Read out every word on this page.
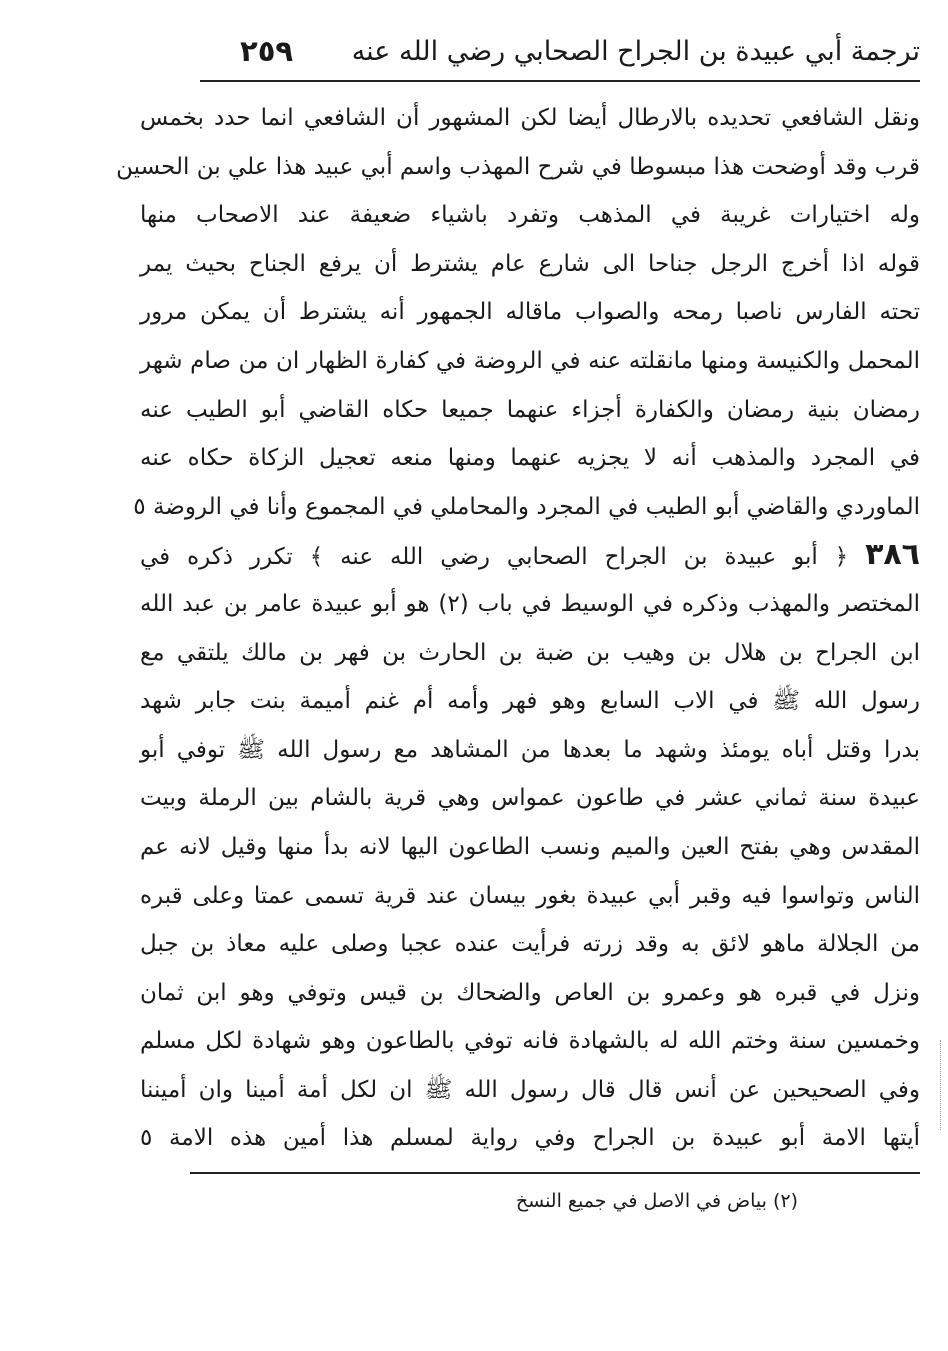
ترجمة أبي عبيدة بن الجراح الصحابي رضي الله عنه
٢٥٩
ونقل الشافعي تحديده بالارطال أيضا لكن المشهور أن الشافعي انما حدد بخمس
قرب وقد أوضحت هذا مبسوطا في شرح المهذب واسم أبي عبيد هذا علي بن الحسين
وله اختيارات غريبة في المذهب وتفرد باشياء ضعيفة عند الاصحاب منها
قوله اذا أخرج الرجل جناحا الى شارع عام يشترط أن يرفع الجناح بحيث يمر
تحته الفارس ناصبا رمحه والصواب ماقاله الجمهور أنه يشترط أن يمكن مرور
المحمل والكنيسة ومنها مانقلته عنه في الروضة في كفارة الظهار ان من صام شهر
رمضان بنية رمضان والكفارة أجزاء عنهما جميعا حكاه القاضي أبو الطيب عنه
في المجرد والمذهب أنه لا يجزيه عنهما ومنها منعه تعجيل الزكاة حكاه عنه
الماوردي والقاضي أبو الطيب في المجرد والمحاملي في المجموع وأنا في الروضة ٥
٣٨٦ ﴿ أبو عبيدة بن الجراح الصحابي رضي الله عنه ﴾ تكرر ذكره في
المختصر والمهذب وذكره في الوسيط في باب (٢) هو أبو عبيدة عامر بن عبد الله
ابن الجراح بن هلال بن وهيب بن ضبة بن الحارث بن فهر بن مالك يلتقي مع
رسول الله ﷺ في الاب السابع وهو فهر وأمه أم غنم أميمة بنت جابر شهد
بدرا وقتل أباه يومئذ وشهد ما بعدها من المشاهد مع رسول الله ﷺ توفي أبو
عبيدة سنة ثماني عشر في طاعون عمواس وهي قرية بالشام بين الرملة وبيت
المقدس وهي بفتح العين والميم ونسب الطاعون اليها لانه بدأ منها وقيل لانه عم
الناس وتواسوا فيه وقبر أبي عبيدة بغور بيسان عند قرية تسمى عمتا وعلى قبره
من الجلالة ماهو لائق به وقد زرته فرأيت عنده عجبا وصلى عليه معاذ بن جبل
ونزل في قبره هو وعمرو بن العاص والضحاك بن قيس وتوفي وهو ابن ثمان
وخمسين سنة وختم الله له بالشهادة فانه توفي بالطاعون وهو شهادة لكل مسلم
وفي الصحيحين عن أنس قال قال رسول الله ﷺ ان لكل أمة أمينا وان أميننا
أيتها الامة أبو عبيدة بن الجراح وفي رواية لمسلم هذا أمين هذه الامة ٥
(٢) بياض في الاصل في جميع النسخ
